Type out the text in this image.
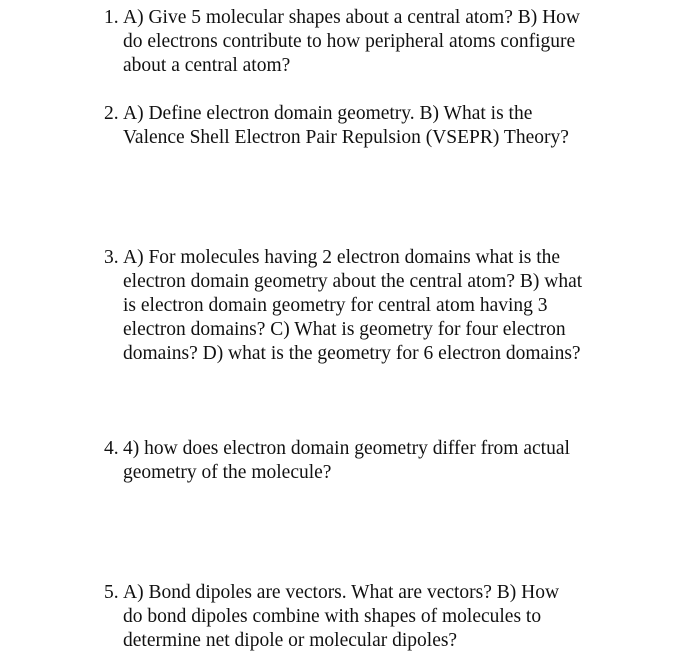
1. A) Give 5 molecular shapes about a central atom? B) How
do electrons contribute to how peripheral atoms configure
about a central atom?
2. A) Define electron domain geometry. B) What is the
Valence Shell Electron Pair Repulsion (VSEPR) Theory?
3. A) For molecules having 2 electron domains what is the
electron domain geometry about the central atom? B) what
is electron domain geometry for central atom having 3
electron domains? C) What is geometry for four electron
domains? D) what is the geometry for 6 electron domains?
4. 4) how does electron domain geometry differ from actual
geometry of the molecule?
5. A) Bond dipoles are vectors. What are vectors? B) How
do bond dipoles combine with shapes of molecules to
determine net dipole or molecular dipoles?
